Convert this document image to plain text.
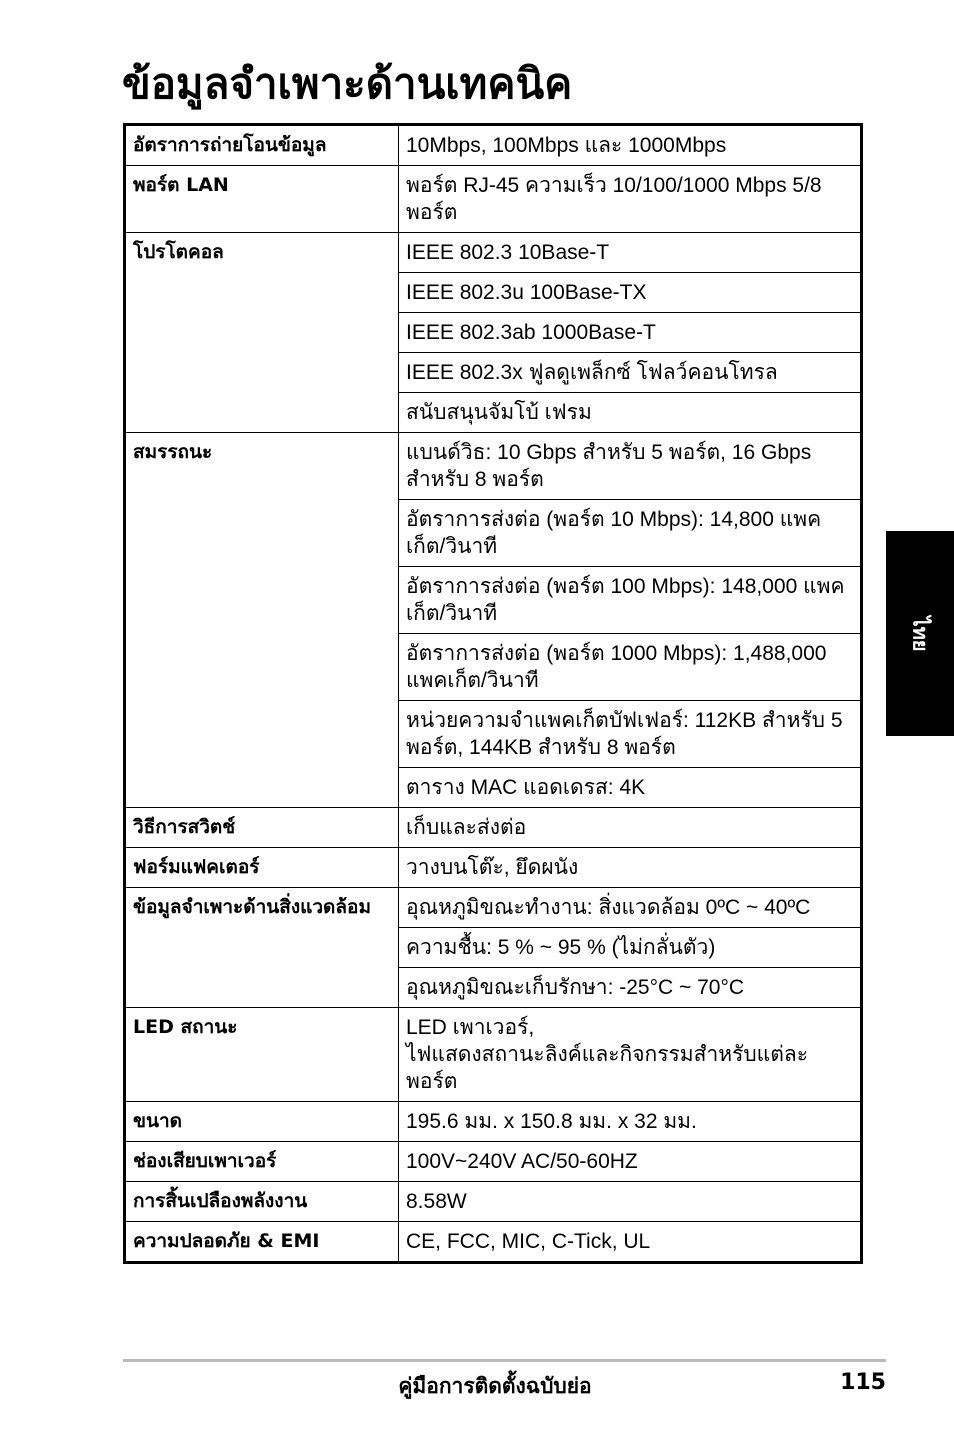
ข้อมูลจำเพาะด้านเทคนิค
อัตราการถ่ายโอนข้อมูล	10Mbps, 100Mbps และ 1000Mbps
พอร์ต LAN	พอร์ต RJ-45 ความเร็ว 10/100/1000 Mbps 5/8 พอร์ต
โปรโตคอล	IEEE 802.3 10Base-T
	IEEE 802.3u 100Base-TX
	IEEE 802.3ab 1000Base-T
	IEEE 802.3x ฟูลดูเพล็กซ์ โฟลว์คอนโทรล
	สนับสนุนจัมโบ้ เฟรม
สมรรถนะ	แบนด์วิธ: 10 Gbps สำหรับ 5 พอร์ต, 16 Gbps สำหรับ 8 พอร์ต
	อัตราการส่งต่อ (พอร์ต 10 Mbps): 14,800 แพคเก็ต/วินาที
	อัตราการส่งต่อ (พอร์ต 100 Mbps): 148,000 แพคเก็ต/วินาที
	อัตราการส่งต่อ (พอร์ต 1000 Mbps): 1,488,000 แพคเก็ต/วินาที
	หน่วยความจำแพคเก็ตบัฟเฟอร์: 112KB สำหรับ 5 พอร์ต, 144KB สำหรับ 8 พอร์ต
	ตาราง MAC แอดเดรส: 4K
วิธีการสวิตช์	เก็บและส่งต่อ
ฟอร์มแฟคเตอร์	วางบนโต๊ะ, ยึดผนัง
ข้อมูลจำเพาะด้านสิ่งแวดล้อม	อุณหภูมิขณะทำงาน: สิ่งแวดล้อม 0ºC ~ 40ºC
	ความชื้น: 5 % ~ 95 % (ไม่กลั่นตัว)
	อุณหภูมิขณะเก็บรักษา: -25°C ~ 70°C
LED สถานะ	LED เพาเวอร์,
ไฟแสดงสถานะลิงค์และกิจกรรมสำหรับแต่ละพอร์ต
ขนาด	195.6 มม. x 150.8 มม. x 32 มม.
ช่องเสียบเพาเวอร์	100V~240V AC/50-60HZ
การสิ้นเปลืองพลังงาน	8.58W
ความปลอดภัย & EMI	CE, FCC, MIC, C-Tick, UL
ไทย
คู่มือการติดตั้งฉบับย่อ	115
